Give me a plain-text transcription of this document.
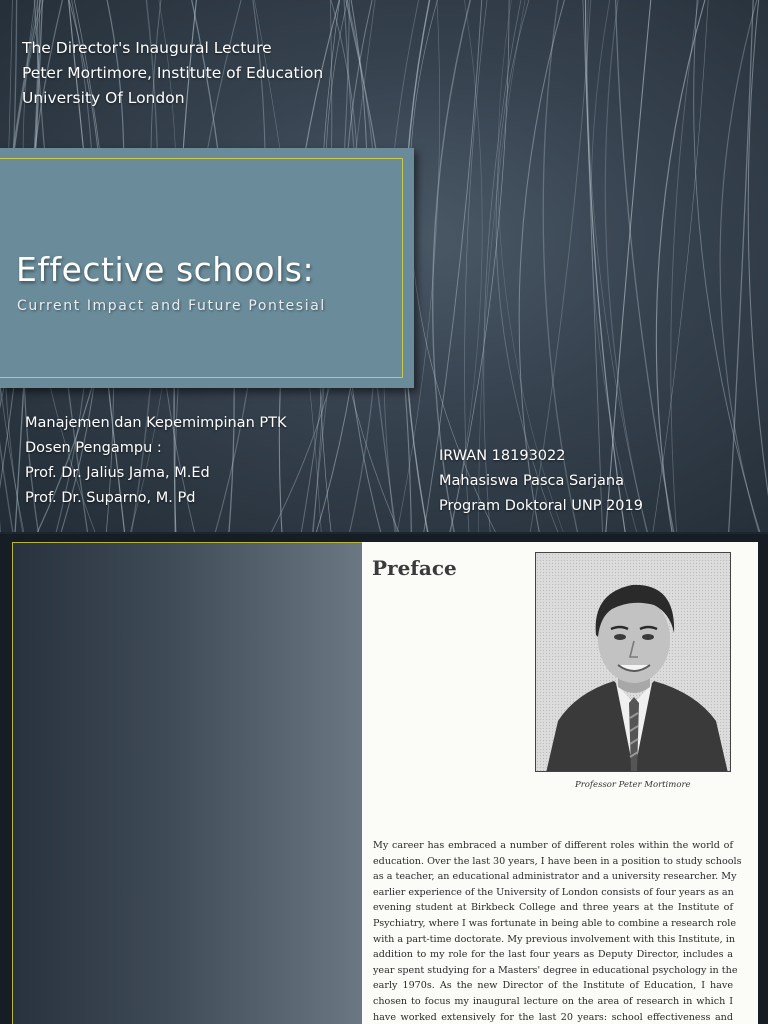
The Director's Inaugural Lecture
Peter Mortimore, Institute of Education
University Of London
Effective schools:
Current Impact and Future Pontesial
Manajemen dan Kepemimpinan PTK
Dosen Pengampu :
Prof. Dr. Jalius Jama, M.Ed
Prof. Dr. Suparno, M. Pd
IRWAN 18193022
Mahasiswa Pasca Sarjana
Program Doktoral UNP 2019
Preface
Professor Peter Mortimore
My career has embraced a number of different roles within the world of
education. Over the last 30 years, I have been in a position to study schools
as a teacher, an educational administrator and a university researcher. My
earlier experience of the University of London consists of four years as an
evening student at Birkbeck College and three years at the Institute of
Psychiatry, where I was fortunate in being able to combine a research role
with a part-time doctorate. My previous involvement with this Institute, in
addition to my role for the last four years as Deputy Director, includes a
year spent studying for a Masters' degree in educational psychology in the
early 1970s. As the new Director of the Institute of Education, I have
chosen to focus my inaugural lecture on the area of research in which I
have worked extensively for the last 20 years: school effectiveness and
